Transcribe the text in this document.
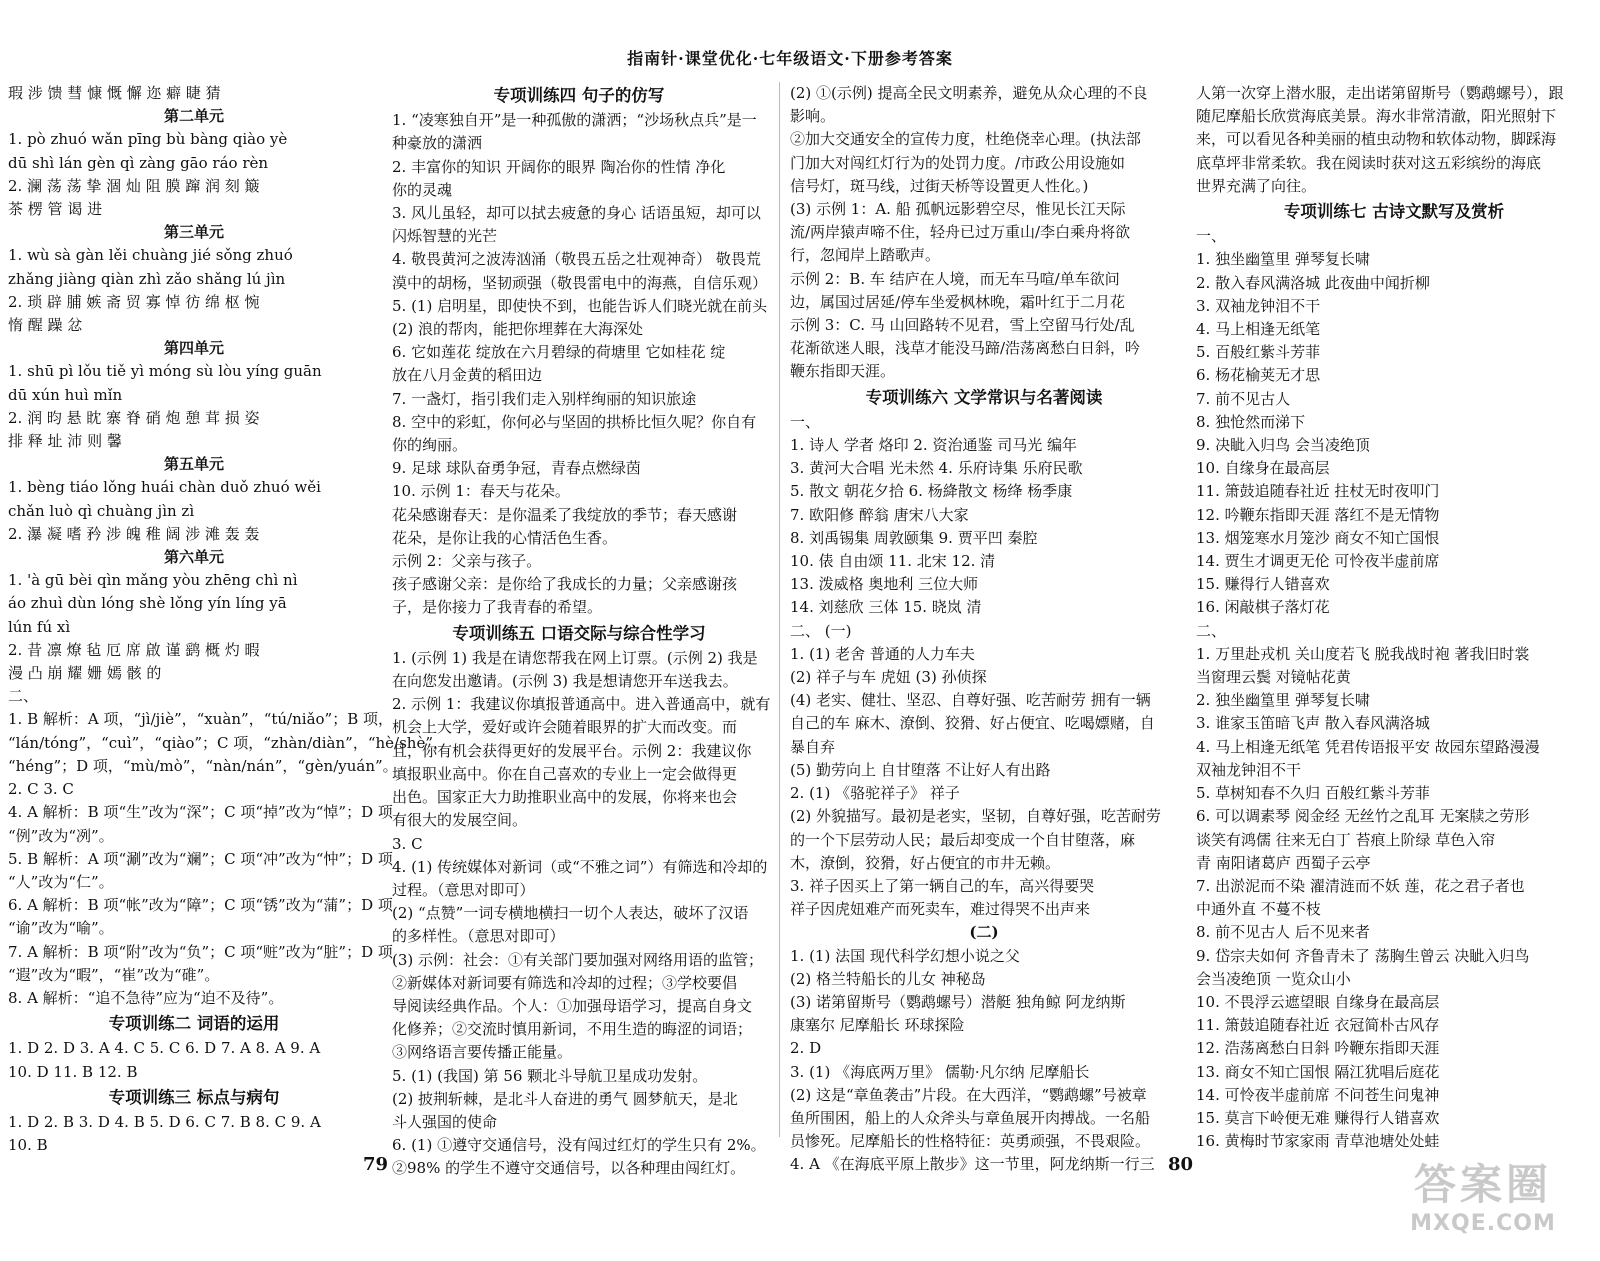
指南针·课堂优化·七年级语文·下册参考答案
瑕 涉 馈 彗 慷 慨 懈 迩 癖 睫 猜
第二单元
1. pò zhuó wǎn pīng bù bàng qiào yè
dū shì lán gèn qì zàng gāo ráo rèn
2. 澜 荡 荡 挚 涸 灿 阻 膜 蹿 润 刻 簸
茶 楞 管 谒 进
第三单元
1. wù sà gàn lěi chuàng jié sǒng zhuó
zhǎng jiàng qiàn zhì zǎo shǎng lú jìn
2. 琐 辟 脯 嫉 斋 贸 寡 悼 彷 绵 枢 惋
惰 醒 躁 忿
第四单元
1. shū pì lǒu tiě yì móng sù lòu yíng guān
dū xún huì mǐn
2. 润 昀 悬 眈 寨 脊 硝 炮 憩 茸 损 姿
排 释 址 沛 则 馨
第五单元
1. bèng tiáo lǒng huái chàn duǒ zhuó wěi
chǎn luò qì chuàng jìn zì
2. 瀑 凝 嗜 矜 涉 魄 稚 阔 涉 滩 轰 轰
第六单元
1. 'à gū bèi qìn mǎng yòu zhēng chì nì
áo zhuì dùn lóng shè lǒng yín líng yā
lún fú xì
2. 昔 凛 燎 毡 厄 席 啟 谨 鹞 概 灼 暇
漫 凸 崩 耀 姗 嫣 骸 的
二、
1. B 解析：A 项，“jì/jiè”，“xuàn”，“tú/niǎo”；B 项，
“lán/tóng”，“cuì”，“qiào”；C 项，“zhàn/diàn”，“hè/shè”，
“héng”；D 项，“mù/mò”，“nàn/nán”，“gèn/yuán”。
2. C 3. C
4. A 解析：B 项“生”改为“深”；C 项“掉”改为“悼”；D 项
“例”改为“冽”。
5. B 解析：A 项“涮”改为“斓”；C 项“冲”改为“忡”；D 项
“人”改为“仁”。
6. A 解析：B 项“帐”改为“障”；C 项“锈”改为“蒲”；D 项
“谕”改为“喻”。
7. A 解析：B 项“附”改为“负”；C 项“赃”改为“脏”；D 项
“遐”改为“暇”，“崔”改为“碓”。
8. A 解析：“追不急待”应为“迫不及待”。
专项训练二 词语的运用
1. D 2. D 3. A 4. C 5. C 6. D 7. A 8. A 9. A
10. D 11. B 12. B
专项训练三 标点与病句
1. D 2. B 3. D 4. B 5. D 6. C 7. B 8. C 9. A
10. B
专项训练四 句子的仿写
1. “凌寒独自开”是一种孤傲的潇洒；“沙场秋点兵”是一
种豪放的潇洒
2. 丰富你的知识 开阔你的眼界 陶冶你的性情 净化
你的灵魂
3. 风儿虽轻，却可以拭去疲惫的身心 话语虽短，却可以
闪烁智慧的光芒
4. 敬畏黄河之波涛汹涌（敬畏五岳之壮观神奇） 敬畏荒
漠中的胡杨，坚韧顽强（敬畏雷电中的海燕，自信乐观）
5. (1) 启明星，即使快不到，也能告诉人们晓光就在前头
(2) 浪的帮肉，能把你埋葬在大海深处
6. 它如莲花 绽放在六月碧绿的荷塘里 它如桂花 绽
放在八月金黄的稻田边
7. 一盏灯，指引我们走入别样绚丽的知识旅途
8. 空中的彩虹，你何必与坚固的拱桥比恒久呢？你自有
你的绚丽。
9. 足球 球队奋勇争冠，青春点燃绿茵
10. 示例 1：春天与花朵。
花朵感谢春天：是你温柔了我绽放的季节；春天感谢
花朵，是你让我的心情活色生香。
示例 2：父亲与孩子。
孩子感谢父亲：是你给了我成长的力量；父亲感谢孩
子，是你接力了我青春的希望。
专项训练五 口语交际与综合性学习
1. (示例 1) 我是在请您帮我在网上订票。(示例 2) 我是
在向您发出邀请。(示例 3) 我是想请您开车送我去。
2. 示例 1：我建议你填报普通高中。进入普通高中，就有
机会上大学，爱好或许会随着眼界的扩大而改变。而
且，你有机会获得更好的发展平台。示例 2：我建议你
填报职业高中。你在自己喜欢的专业上一定会做得更
出色。国家正大力助推职业高中的发展，你将来也会
有很大的发展空间。
3. C
4. (1) 传统媒体对新词（或“不雅之词”）有筛选和冷却的
过程。（意思对即可）
(2) “点赞”一词专横地横扫一切个人表达，破坏了汉语
的多样性。（意思对即可）
(3) 示例：社会：①有关部门要加强对网络用语的监管；
②新媒体对新词要有筛选和冷却的过程；③学校要倡
导阅读经典作品。个人：①加强母语学习，提高自身文
化修养；②交流时慎用新词，不用生造的晦涩的词语；
③网络语言要传播正能量。
5. (1) (我国) 第 56 颗北斗导航卫星成功发射。
(2) 披荆斩棘，是北斗人奋进的勇气 圆梦航天，是北
斗人强国的使命
6. (1) ①遵守交通信号，没有闯过红灯的学生只有 2%。
②98% 的学生不遵守交通信号，以各种理由闯红灯。
(2) ①(示例) 提高全民文明素养，避免从众心理的不良
影响。
②加大交通安全的宣传力度，杜绝侥幸心理。(执法部
门加大对闯红灯行为的处罚力度。/市政公用设施如
信号灯，斑马线，过街天桥等设置更人性化。)
(3) 示例 1：A. 船 孤帆远影碧空尽，惟见长江天际
流/两岸猿声啼不住，轻舟已过万重山/李白乘舟将欲
行，忽闻岸上踏歌声。
示例 2：B. 车 结庐在人境，而无车马喧/单车欲问
边，属国过居延/停车坐爱枫林晚，霜叶红于二月花
示例 3：C. 马 山回路转不见君，雪上空留马行处/乱
花渐欲迷人眼，浅草才能没马蹄/浩荡离愁白日斜，吟
鞭东指即天涯。
专项训练六 文学常识与名著阅读
一、
1. 诗人 学者 烙印 2. 资治通鉴 司马光 编年
3. 黄河大合唱 光未然 4. 乐府诗集 乐府民歌
5. 散文 朝花夕拾 6. 杨絳散文 杨绛 杨季康
7. 欧阳修 醉翁 唐宋八大家
8. 刘禹锡集 周敦颐集 9. 贾平凹 秦腔
10. 俵 自由颂 11. 北宋 12. 清
13. 泼威格 奥地利 三位大师
14. 刘慈欣 三体 15. 晓岚 清
二、 (一)
1. (1) 老舍 普通的人力车夫
(2) 祥子与车 虎妞 (3) 孙侦探
(4) 老实、健壮、坚忍、自尊好强、吃苦耐劳 拥有一辆
自己的车 麻木、潦倒、狡猾、好占便宜、吃喝嫖赌，自
暴自弃
(5) 勤劳向上 自甘堕落 不让好人有出路
2. (1) 《骆驼祥子》 祥子
(2) 外貌描写。最初是老实，坚韧，自尊好强，吃苦耐劳
的一个下层劳动人民；最后却变成一个自甘堕落，麻
木，潦倒，狡猾，好占便宜的市井无赖。
3. 祥子因买上了第一辆自己的车，高兴得要哭
祥子因虎妞难产而死卖车，难过得哭不出声来
(二)
1. (1) 法国 现代科学幻想小说之父
(2) 格兰特船长的儿女 神秘岛
(3) 诺第留斯号（鹦鹉螺号）潜艇 独角鲸 阿龙纳斯
康塞尔 尼摩船长 环球探险
2. D
3. (1) 《海底两万里》 儒勒·凡尔纳 尼摩船长
(2) 这是“章鱼袭击”片段。在大西洋，“鹦鹉螺”号被章
鱼所围困，船上的人众斧头与章鱼展开肉搏战。一名船
员惨死。尼摩船长的性格特征：英勇顽强，不畏艰险。
4. A 《在海底平原上散步》这一节里，阿龙纳斯一行三
人第一次穿上潜水服，走出诺第留斯号（鹦鹉螺号），跟
随尼摩船长欣赏海底美景。海水非常清澈，阳光照射下
来，可以看见各种美丽的植虫动物和软体动物，脚踩海
底草坪非常柔软。我在阅读时获对这五彩缤纷的海底
世界充满了向往。
专项训练七 古诗文默写及赏析
一、
1. 独坐幽篁里 弹琴复长啸
2. 散入春风满洛城 此夜曲中闻折柳
3. 双袖龙钟泪不干
4. 马上相逢无纸笔
5. 百般红紫斗芳菲
6. 杨花榆荚无才思
7. 前不见古人
8. 独怆然而涕下
9. 决眦入归鸟 会当凌绝顶
10. 自缘身在最高层
11. 箫鼓追随春社近 拄杖无时夜叩门
12. 吟鞭东指即天涯 落红不是无情物
13. 烟笼寒水月笼沙 商女不知亡国恨
14. 贾生才调更无伦 可怜夜半虚前席
15. 赚得行人错喜欢
16. 闲敲棋子落灯花
二、
1. 万里赴戎机 关山度若飞 脱我战时袍 著我旧时裳
当窗理云鬓 对镜帖花黄
2. 独坐幽篁里 弹琴复长啸
3. 谁家玉笛暗飞声 散入春风满洛城
4. 马上相逢无纸笔 凭君传语报平安 故园东望路漫漫
双袖龙钟泪不干
5. 草树知春不久归 百般红紫斗芳菲
6. 可以调素琴 阅金经 无丝竹之乱耳 无案牍之劳形
谈笑有鸿儒 往来无白丁 苔痕上阶绿 草色入帘
青 南阳诸葛庐 西蜀子云亭
7. 出淤泥而不染 濯清涟而不妖 莲，花之君子者也
中通外直 不蔓不枝
8. 前不见古人 后不见来者
9. 岱宗夫如何 齐鲁青未了 荡胸生曾云 决眦入归鸟
会当凌绝顶 一览众山小
10. 不畏浮云遮望眼 自缘身在最高层
11. 箫鼓追随春社近 衣冠简朴古风存
12. 浩荡离愁白日斜 吟鞭东指即天涯
13. 商女不知亡国恨 隔江犹唱后庭花
14. 可怜夜半虚前席 不问苍生问鬼神
15. 莫言下岭便无难 赚得行人错喜欢
16. 黄梅时节家家雨 青草池塘处处蛙
79	80	答案圈
MXQE.COM
